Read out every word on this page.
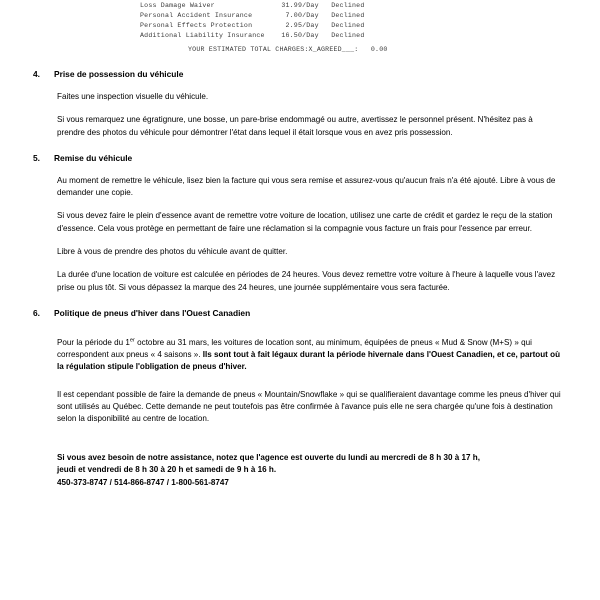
Loss Damage Waiver                31.99/Day   Declined
Personal Accident Insurance        7.00/Day   Declined
Personal Effects Protection        2.95/Day   Declined
Additional Liability Insurance    16.50/Day   Declined
YOUR ESTIMATED TOTAL CHARGES:X_AGREED___:   0.00
4.	Prise de possession du véhicule

Faites une inspection visuelle du véhicule.

Si vous remarquez une égratignure, une bosse, un pare-brise endommagé ou autre, avertissez le personnel présent. N'hésitez pas à prendre des photos du véhicule pour démontrer l'état dans lequel il était lorsque vous en avez pris possession.

5.	Remise du véhicule

Au moment de remettre le véhicule, lisez bien la facture qui vous sera remise et assurez-vous qu'aucun frais n'a été ajouté. Libre à vous de demander une copie.

Si vous devez faire le plein d'essence avant de remettre votre voiture de location, utilisez une carte de crédit et gardez le reçu de la station d'essence. Cela vous protège en permettant de faire une réclamation si la compagnie vous facture un frais pour l'essence par erreur.

Libre à vous de prendre des photos du véhicule avant de quitter.

La durée d'une location de voiture est calculée en périodes de 24 heures. Vous devez remettre votre voiture à l'heure à laquelle vous l'avez prise ou plus tôt. Si vous dépassez la marque des 24 heures, une journée supplémentaire vous sera facturée.

6.	Politique de pneus d'hiver dans l'Ouest Canadien

Pour la période du 1er octobre au 31 mars, les voitures de location sont, au minimum, équipées de pneus « Mud & Snow (M+S) » qui correspondent aux pneus « 4 saisons ». Ils sont tout à fait légaux durant la période hivernale dans l'Ouest Canadien, et ce, partout où la régulation stipule l'obligation de pneus d'hiver.

Il est cependant possible de faire la demande de pneus « Mountain/Snowflake » qui se qualifieraient davantage comme les pneus d'hiver qui sont utilisés au Québec. Cette demande ne peut toutefois pas être confirmée à l'avance puis elle ne sera chargée qu'une fois à destination selon la disponibilité au centre de location.

Si vous avez besoin de notre assistance, notez que l'agence est ouverte du lundi au mercredi de 8 h 30 à 17 h,

jeudi et vendredi de 8 h 30 à 20 h et samedi de 9 h à 16 h.

450-373-8747 / 514-866-8747 / 1-800-561-8747
